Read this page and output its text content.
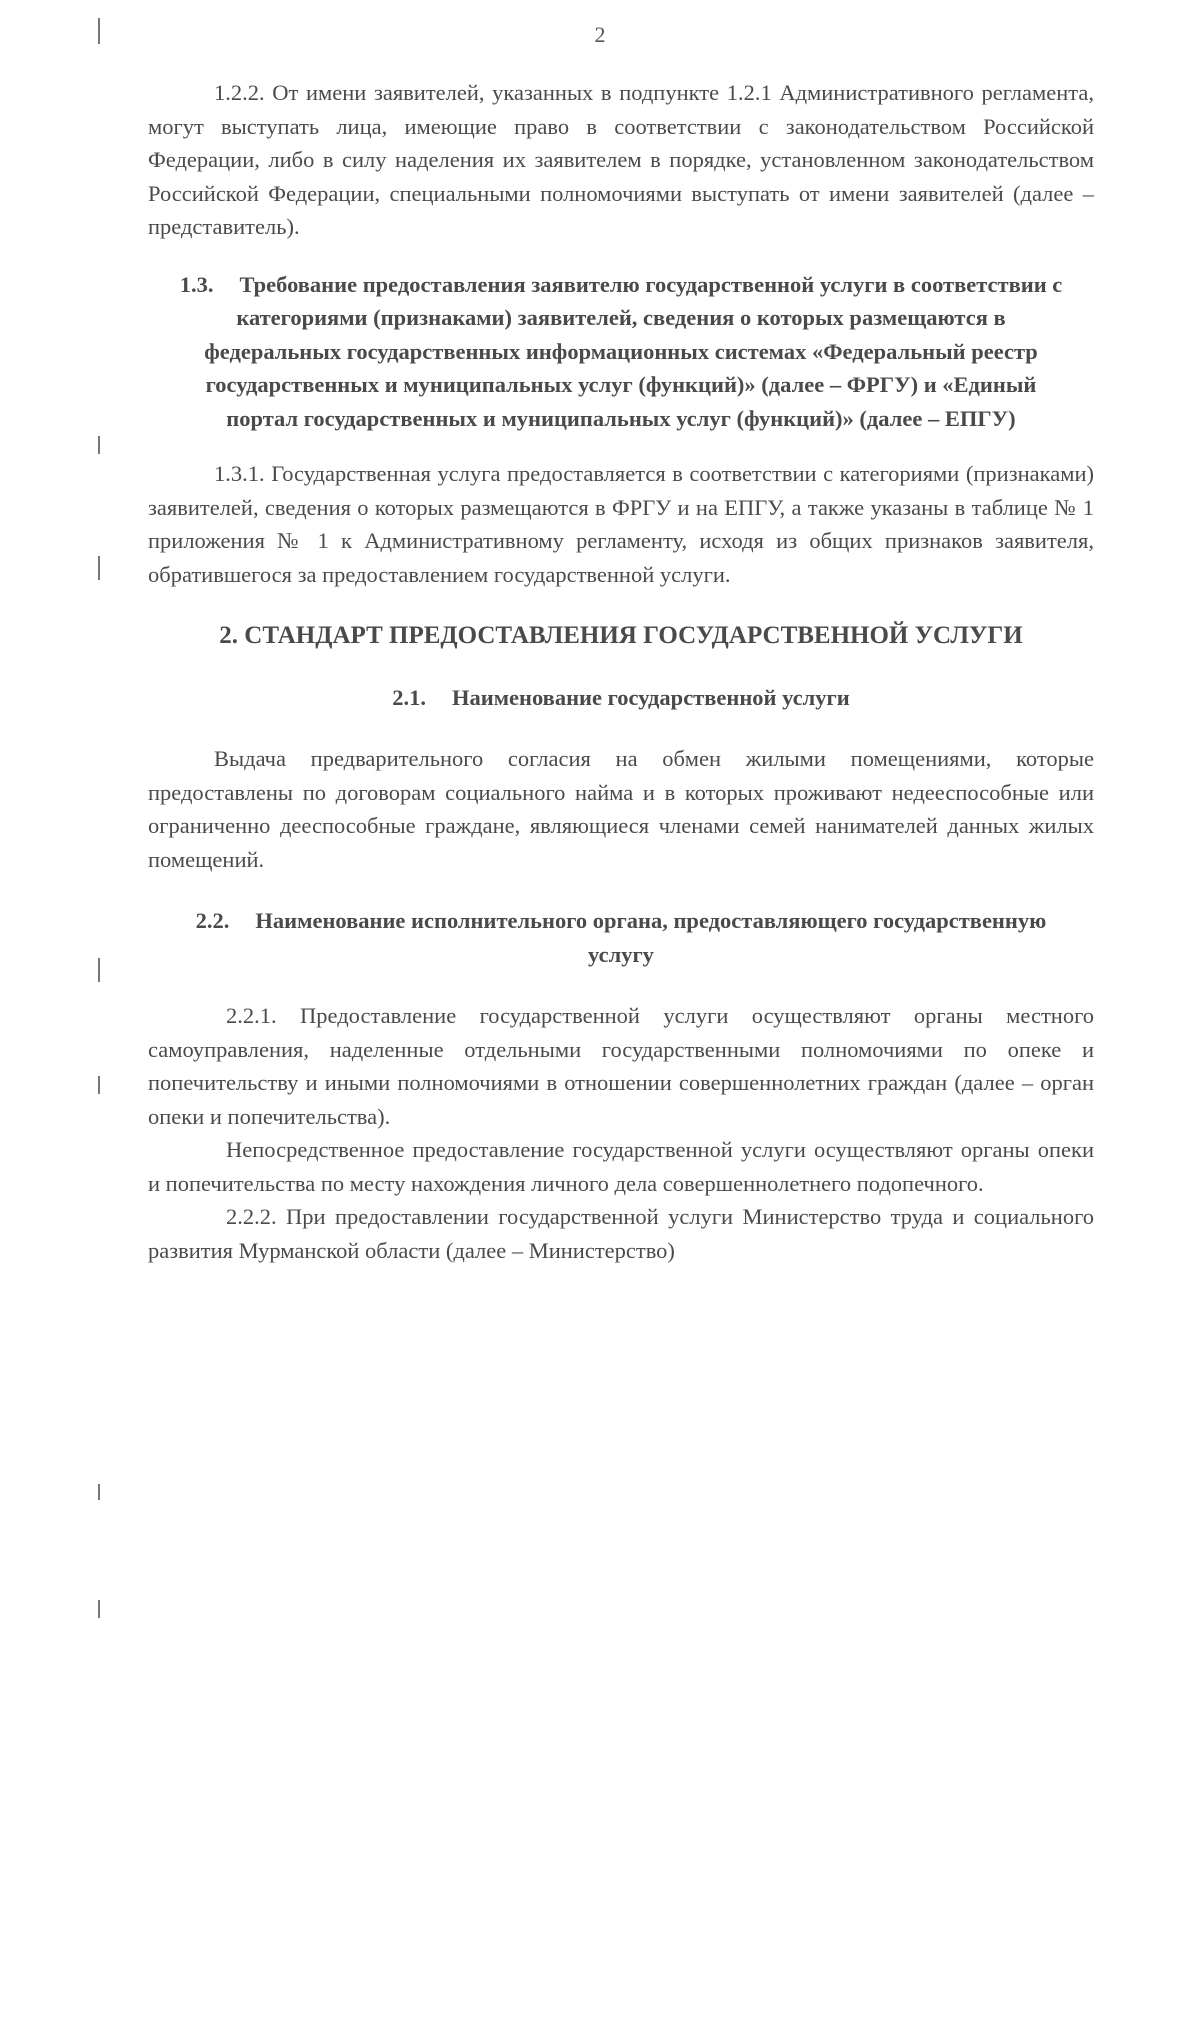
2

1.2.2. От имени заявителей, указанных в подпункте 1.2.1 Административного регламента, могут выступать лица, имеющие право в соответствии с законодательством Российской Федерации, либо в силу наделения их заявителем в порядке, установленном законодательством Российской Федерации, специальными полномочиями выступать от имени заявителей (далее – представитель).

1.3. Требование предоставления заявителю государственной услуги в соответствии с категориями (признаками) заявителей, сведения о которых размещаются в федеральных государственных информационных системах «Федеральный реестр государственных и муниципальных услуг (функций)» (далее – ФРГУ) и «Единый портал государственных и муниципальных услуг (функций)» (далее – ЕПГУ)

1.3.1. Государственная услуга предоставляется в соответствии с категориями (признаками) заявителей, сведения о которых размещаются в ФРГУ и на ЕПГУ, а также указаны в таблице № 1 приложения № 1 к Административному регламенту, исходя из общих признаков заявителя, обратившегося за предоставлением государственной услуги.

2. СТАНДАРТ ПРЕДОСТАВЛЕНИЯ ГОСУДАРСТВЕННОЙ УСЛУГИ

2.1. Наименование государственной услуги

Выдача предварительного согласия на обмен жилыми помещениями, которые предоставлены по договорам социального найма и в которых проживают недееспособные или ограниченно дееспособные граждане, являющиеся членами семей нанимателей данных жилых помещений.

2.2. Наименование исполнительного органа, предоставляющего государственную услугу

2.2.1. Предоставление государственной услуги осуществляют органы местного самоуправления, наделенные отдельными государственными полномочиями по опеке и попечительству и иными полномочиями в отношении совершеннолетних граждан (далее – орган опеки и попечительства).

Непосредственное предоставление государственной услуги осуществляют органы опеки и попечительства по месту нахождения личного дела совершеннолетнего подопечного.

2.2.2. При предоставлении государственной услуги Министерство труда и социального развития Мурманской области (далее – Министерство)
